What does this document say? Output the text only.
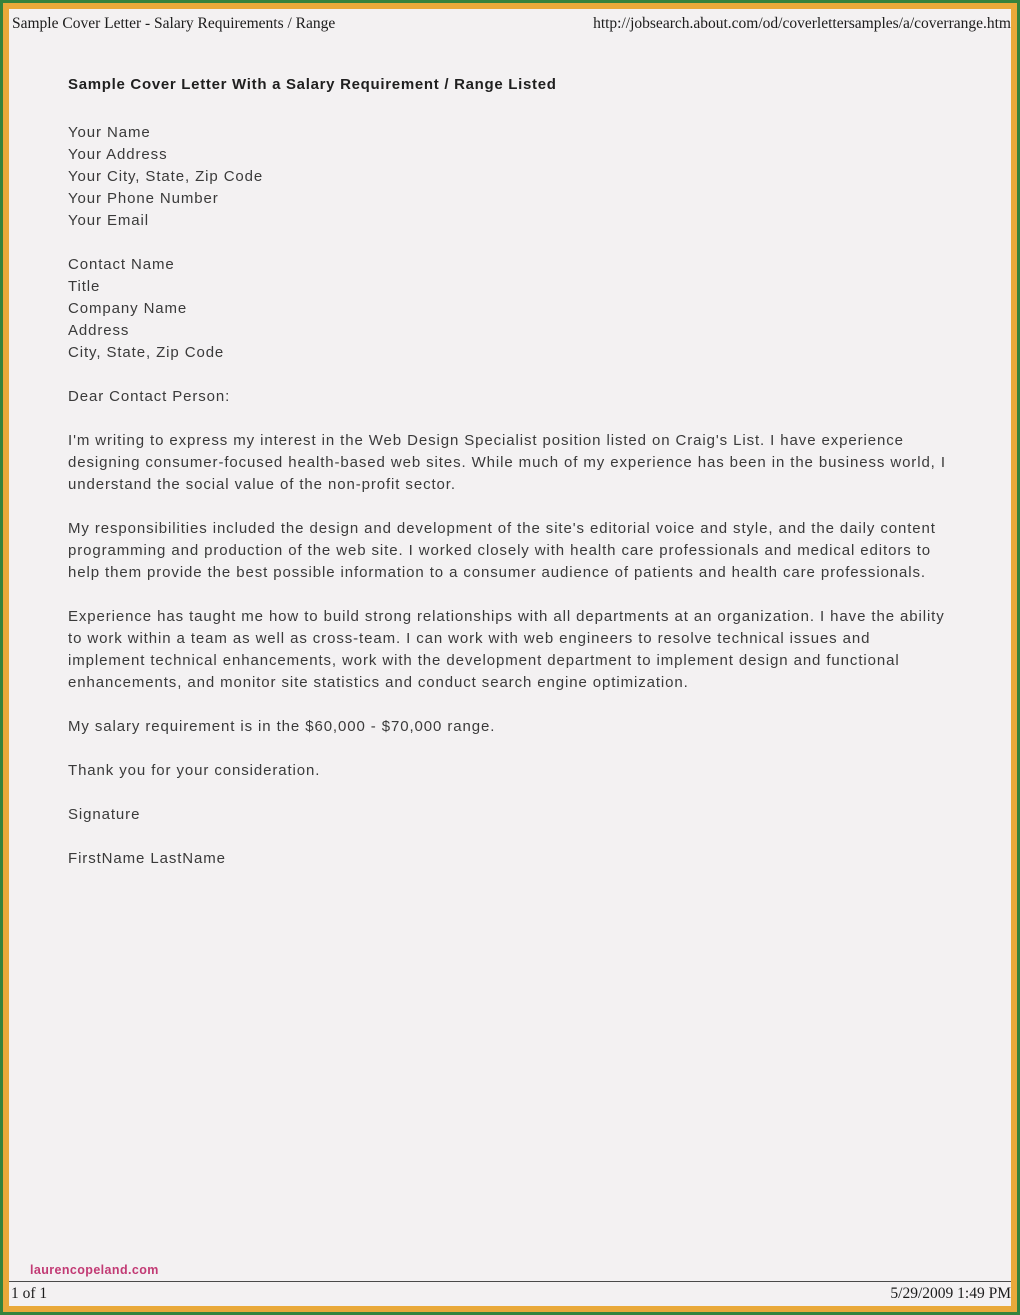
Sample Cover Letter - Salary Requirements / Range	http://jobsearch.about.com/od/coverlettersamples/a/coverrange.htm
Sample Cover Letter With a Salary Requirement / Range Listed
Your Name
Your Address
Your City, State, Zip Code
Your Phone Number
Your Email
Contact Name
Title
Company Name
Address
City, State, Zip Code
Dear Contact Person:

I'm writing to express my interest in the Web Design Specialist position listed on Craig's List. I have experience designing consumer-focused health-based web sites. While much of my experience has been in the business world, I understand the social value of the non-profit sector.

My responsibilities included the design and development of the site's editorial voice and style, and the daily content programming and production of the web site. I worked closely with health care professionals and medical editors to help them provide the best possible information to a consumer audience of patients and health care professionals.

Experience has taught me how to build strong relationships with all departments at an organization. I have the ability to work within a team as well as cross-team. I can work with web engineers to resolve technical issues and implement technical enhancements, work with the development department to implement design and functional enhancements, and monitor site statistics and conduct search engine optimization.

My salary requirement is in the $60,000 - $70,000 range.

Thank you for your consideration.

Signature

FirstName LastName

laurencopeland.com
1 of 1	5/29/2009 1:49 PM
